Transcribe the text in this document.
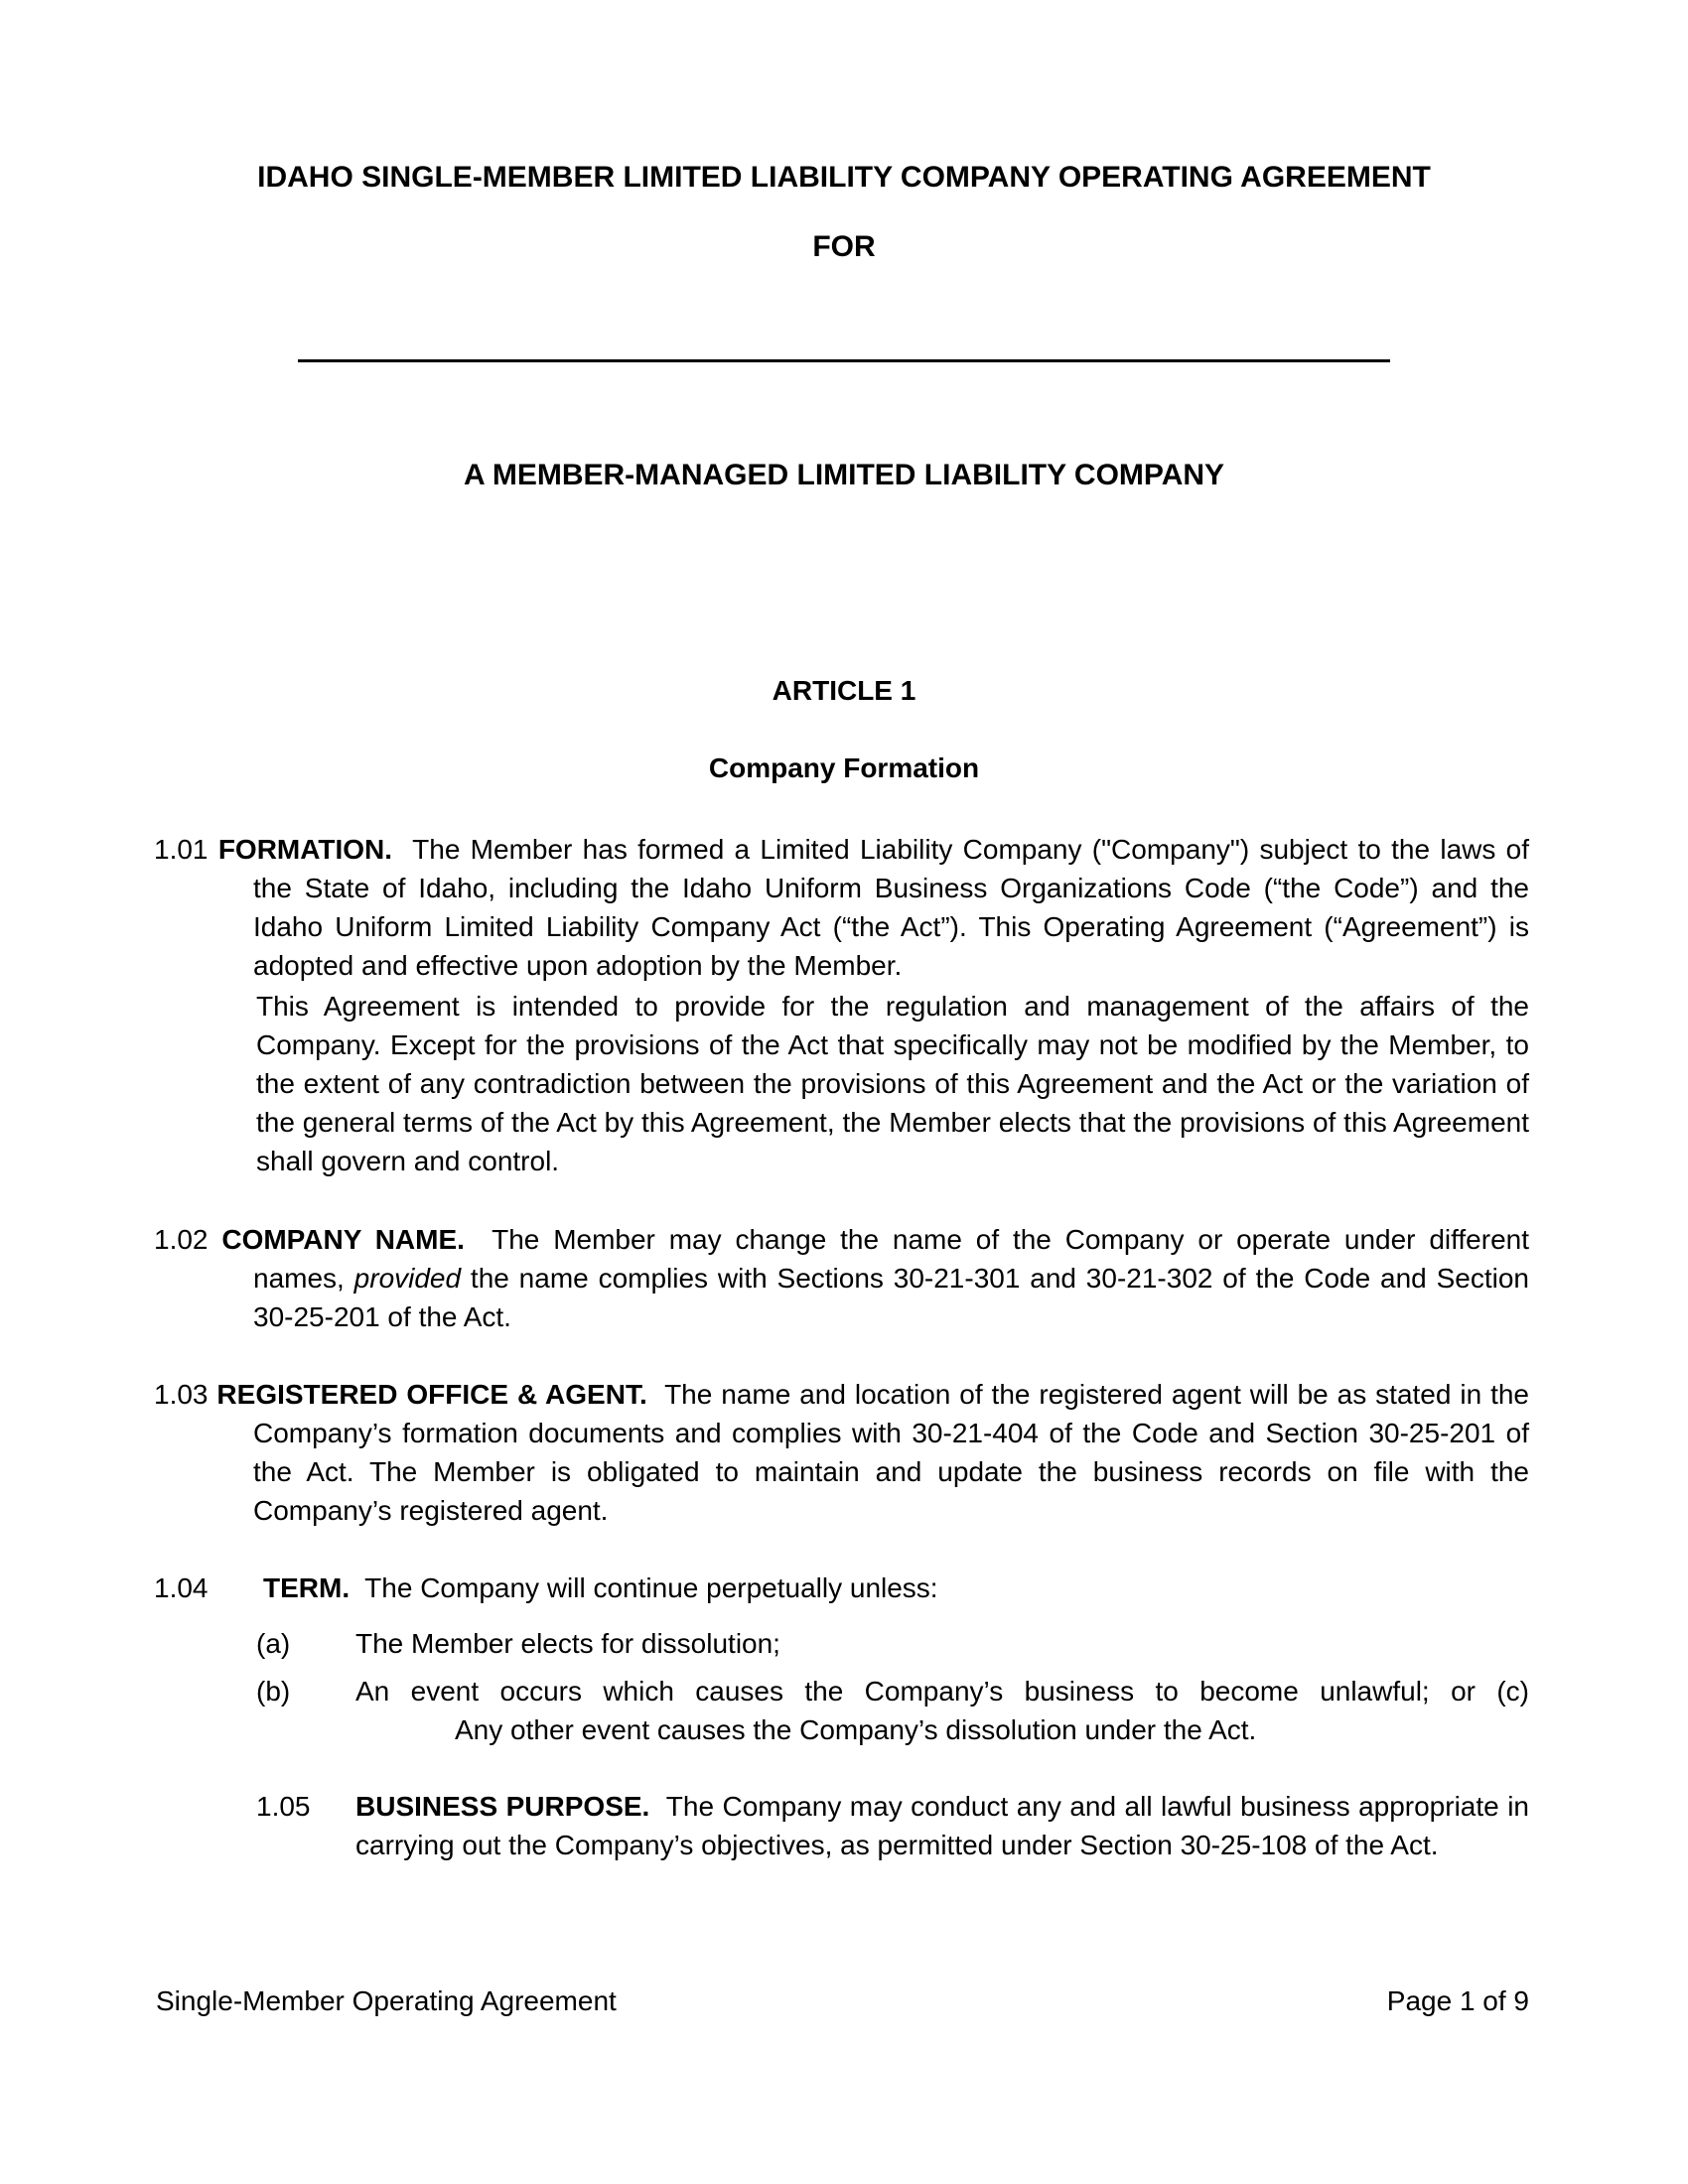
IDAHO SINGLE-MEMBER LIMITED LIABILITY COMPANY OPERATING AGREEMENT
FOR
A MEMBER-MANAGED LIMITED LIABILITY COMPANY
ARTICLE 1
Company Formation
1.01 FORMATION. The Member has formed a Limited Liability Company ("Company") subject to the laws of the State of Idaho, including the Idaho Uniform Business Organizations Code (“the Code”) and the Idaho Uniform Limited Liability Company Act (“the Act”). This Operating Agreement (“Agreement”) is adopted and effective upon adoption by the Member.
This Agreement is intended to provide for the regulation and management of the affairs of the Company. Except for the provisions of the Act that specifically may not be modified by the Member, to the extent of any contradiction between the provisions of this Agreement and the Act or the variation of the general terms of the Act by this Agreement, the Member elects that the provisions of this Agreement shall govern and control.
1.02 COMPANY NAME. The Member may change the name of the Company or operate under different names, provided the name complies with Sections 30-21-301 and 30-21-302 of the Code and Section 30-25-201 of the Act.
1.03 REGISTERED OFFICE & AGENT. The name and location of the registered agent will be as stated in the Company’s formation documents and complies with 30-21-404 of the Code and Section 30-25-201 of the Act. The Member is obligated to maintain and update the business records on file with the Company’s registered agent.
1.04 TERM. The Company will continue perpetually unless:
(a) The Member elects for dissolution;
(b) An event occurs which causes the Company’s business to become unlawful; or (c)
Any other event causes the Company’s dissolution under the Act.
1.05 BUSINESS PURPOSE. The Company may conduct any and all lawful business appropriate in carrying out the Company’s objectives, as permitted under Section 30-25-108 of the Act.
Single-Member Operating Agreement	Page 1 of 9
